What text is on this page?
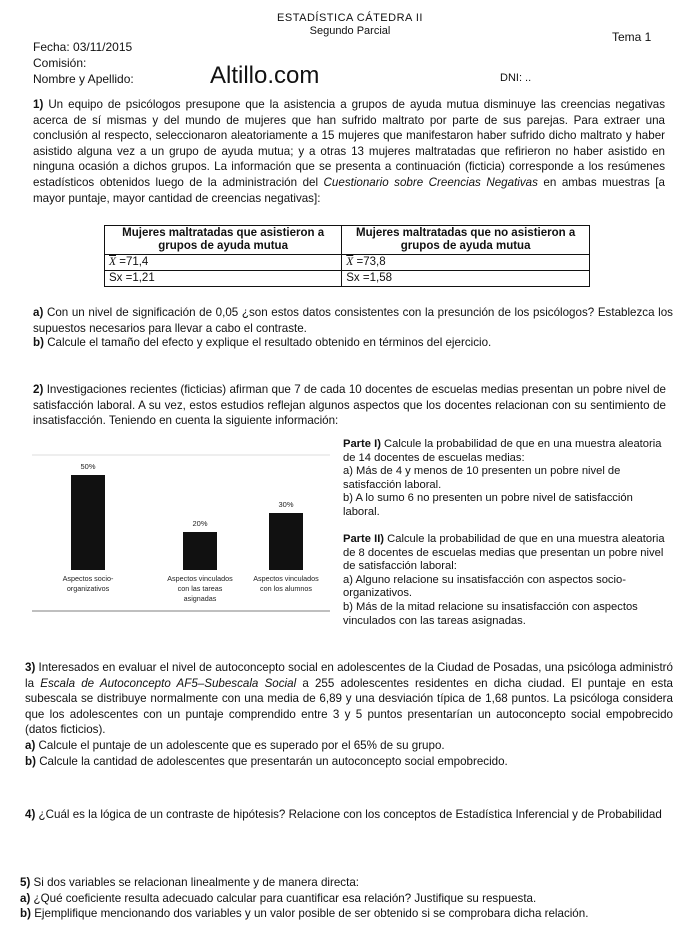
ESTADÍSTICA CÁTEDRA II
Segundo Parcial	Tema 1
Fecha: 03/11/2015
Comisión:
Nombre y Apellido:	Altillo.com	DNI: ..
1) Un equipo de psicólogos presupone que la asistencia a grupos de ayuda mutua disminuye las creencias negativas acerca de sí mismas y del mundo de mujeres que han sufrido maltrato por parte de sus parejas. Para extraer una conclusión al respecto, seleccionaron aleatoriamente a 15 mujeres que manifestaron haber sufrido dicho maltrato y haber asistido alguna vez a un grupo de ayuda mutua; y a otras 13 mujeres maltratadas que refirieron no haber asistido en ninguna ocasión a dichos grupos. La información que se presenta a continuación (ficticia) corresponde a los resúmenes estadísticos obtenidos luego de la administración del Cuestionario sobre Creencias Negativas en ambas muestras [a mayor puntaje, mayor cantidad de creencias negativas]:
Mujeres maltratadas que asistieron a grupos de ayuda mutua	Mujeres maltratadas que no asistieron a grupos de ayuda mutua
$\overline{X} =71,4$	$\overline{X} =73,8$
Sx =1,21	Sx =1,58
a) Con un nivel de significación de 0,05 ¿son estos datos consistentes con la presunción de los psicólogos? Establezca los supuestos necesarios para llevar a cabo el contraste.
b) Calcule el tamaño del efecto y explique el resultado obtenido en términos del ejercicio.
2) Investigaciones recientes (ficticias) afirman que 7 de cada 10 docentes de escuelas medias presentan un pobre nivel de satisfacción laboral. A su vez, estos estudios reflejan algunos aspectos que los docentes relacionan con su sentimiento de insatisfacción. Teniendo en cuenta la siguiente información:
50%
Aspectos socio-
organizativos
20%
Aspectos vinculados
con las tareas
asignadas
30%
Aspectos vinculados
con los alumnos
Parte I) Calcule la probabilidad de que en una muestra aleatoria de 14 docentes de escuelas medias:
a) Más de 4 y menos de 10 presenten un pobre nivel de satisfacción laboral.
b) A lo sumo 6 no presenten un pobre nivel de satisfacción laboral.
Parte II) Calcule la probabilidad de que en una muestra aleatoria de 8 docentes de escuelas medias que presentan un pobre nivel de satisfacción laboral:
a) Alguno relacione su insatisfacción con aspectos socio-organizativos.
b) Más de la mitad relacione su insatisfacción con aspectos vinculados con las tareas asignadas.
3) Interesados en evaluar el nivel de autoconcepto social en adolescentes de la Ciudad de Posadas, una psicóloga administró la Escala de Autoconcepto AF5–Subescala Social a 255 adolescentes residentes en dicha ciudad. El puntaje en esta subescala se distribuye normalmente con una media de 6,89 y una desviación típica de 1,68 puntos. La psicóloga considera que los adolescentes con un puntaje comprendido entre 3 y 5 puntos presentarían un autoconcepto social empobrecido (datos ficticios).
a) Calcule el puntaje de un adolescente que es superado por el 65% de su grupo.
b) Calcule la cantidad de adolescentes que presentarán un autoconcepto social empobrecido.
4) ¿Cuál es la lógica de un contraste de hipótesis? Relacione con los conceptos de Estadística Inferencial y de Probabilidad
5) Si dos variables se relacionan linealmente y de manera directa:
a) ¿Qué coeficiente resulta adecuado calcular para cuantificar esa relación? Justifique su respuesta.
b) Ejemplifique mencionando dos variables y un valor posible de ser obtenido si se comprobara dicha relación.
